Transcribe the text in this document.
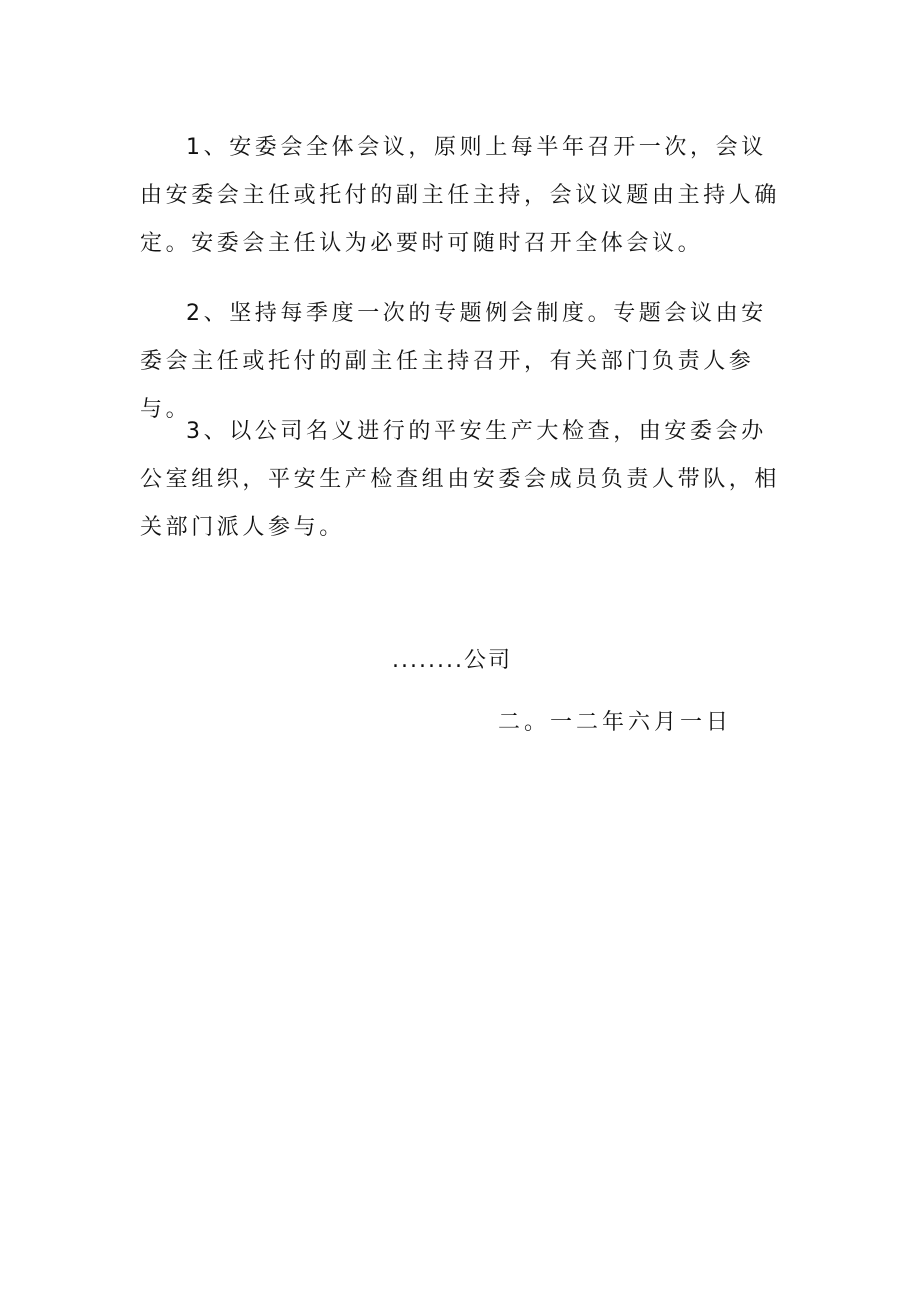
1、安委会全体会议，原则上每半年召开一次，会议由安委会主任或托付的副主任主持，会议议题由主持人确定。安委会主任认为必要时可随时召开全体会议。

2、坚持每季度一次的专题例会制度。专题会议由安委会主任或托付的副主任主持召开，有关部门负责人参与。

3、以公司名义进行的平安生产大检查，由安委会办公室组织，平安生产检查组由安委会成员负责人带队，相关部门派人参与。

........公司

二。一二年六月一日
